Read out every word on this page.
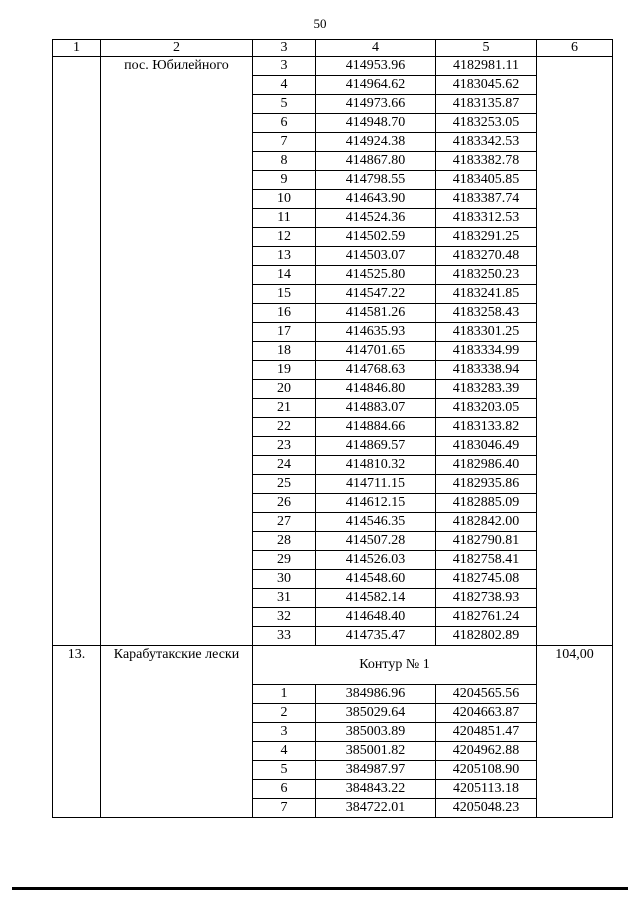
50
1	2	3	4	5	6
	пос. Юбилейного	3	414953.96	4182981.11	
		4	414964.62	4183045.62	
		5	414973.66	4183135.87	
		6	414948.70	4183253.05	
		7	414924.38	4183342.53	
		8	414867.80	4183382.78	
		9	414798.55	4183405.85	
		10	414643.90	4183387.74	
		11	414524.36	4183312.53	
		12	414502.59	4183291.25	
		13	414503.07	4183270.48	
		14	414525.80	4183250.23	
		15	414547.22	4183241.85	
		16	414581.26	4183258.43	
		17	414635.93	4183301.25	
		18	414701.65	4183334.99	
		19	414768.63	4183338.94	
		20	414846.80	4183283.39	
		21	414883.07	4183203.05	
		22	414884.66	4183133.82	
		23	414869.57	4183046.49	
		24	414810.32	4182986.40	
		25	414711.15	4182935.86	
		26	414612.15	4182885.09	
		27	414546.35	4182842.00	
		28	414507.28	4182790.81	
		29	414526.03	4182758.41	
		30	414548.60	4182745.08	
		31	414582.14	4182738.93	
		32	414648.40	4182761.24	
		33	414735.47	4182802.89	
13.	Карабутакские лески	Контур № 1			104,00
		1	384986.96	4204565.56	
		2	385029.64	4204663.87	
		3	385003.89	4204851.47	
		4	385001.82	4204962.88	
		5	384987.97	4205108.90	
		6	384843.22	4205113.18	
		7	384722.01	4205048.23	
